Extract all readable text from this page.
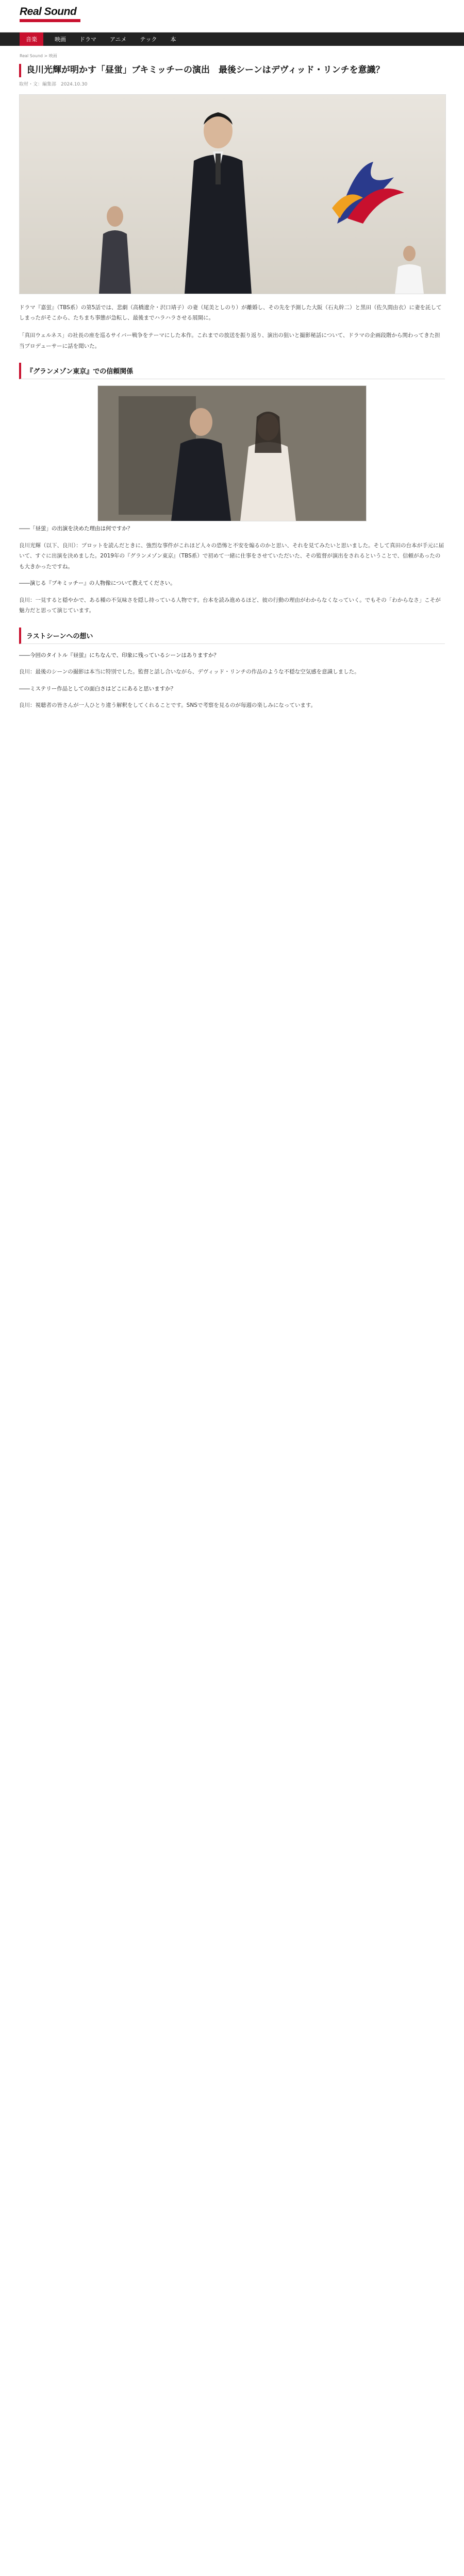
Real Sound
音楽	映画	ドラマ	アニメ	テック	本
Real Sound > 映画
良川光輝が明かす「昼蛍」ブキミッチーの演出　最後シーンはデヴィッド・リンチを意識？
取材・文：編集部　2024.10.30

ドラマ『嘉蛍』（TBS系）の第5話では、悲劇（高橋遼介・沢口靖子）の妻（尾美としのり）が離婚し、その先を予測した大阪（石丸幹二）と黒田（佐久間由衣）に妻を託してしまったがそこから、たちまち事態が急転し、最後までハラハラさせる展開に。

「真田ウェルネス」の社長の座を巡るサイバー戦争をテーマにした本作。これまでの放送を振り返り、演出の狙いと撮影秘話について、ドラマの企画段階から関わってきた担当プロデューサーに話を聞いた。

『グランメゾン東京』での信頼関係

――「昼蛍」の出演を決めた理由は何ですか？

良川光輝（以下、良川）：プロットを読んだときに、強烈な事件がこれほど人々の恐怖と不安を煽るのかと思い、それを見てみたいと思いました。そして真田の台本が手元に届いて、すぐに出演を決めました。2019年の『グランメゾン東京』（TBS系）で初めて一緒に仕事をさせていただいた、その監督が演出をされるということで、信頼があったのも大きかったですね。

――演じる『ブキミッチー』の人物像について教えてください。

良川：一見すると穏やかで、ある種の不気味さを隠し持っている人物です。台本を読み進めるほど、彼の行動の理由がわからなくなっていく。でもその「わからなさ」こそが魅力だと思って演じています。

ラストシーンへの想い

――今回のタイトル『昼蛍』にちなんで、印象に残っているシーンはありますか？

良川：最後のシーンの撮影は本当に特別でした。監督と話し合いながら、デヴィッド・リンチの作品のような不穏な空気感を意識しました。

――ミステリー作品としての面白さはどこにあると思いますか？

良川：視聴者の皆さんが一人ひとり違う解釈をしてくれることです。SNSで考察を見るのが毎週の楽しみになっています。
